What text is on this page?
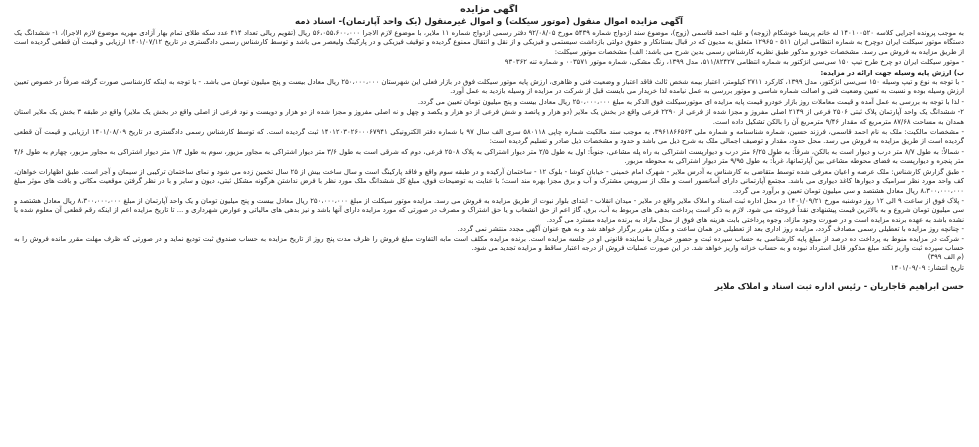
آگهی مزایده

آگهی مزایده اموال منقول (موتور سیکلت) و اموال غیرمنقول (یک واحد آپارتمان)- اسناد ذمه

به موجب پرونده اجرایی کلاسه ۱۴۰۱۰۰۵۲۰ له خانم پریسا خوشکام (زوجه) و علیه احمد قاسمی (زوج)، موضوع سند ازدواج شماره ۵۴۳۹ مورخ ۹۲/۰۸/۰۵ دفتر رسمی ازدواج شماره ۱۱ ملایر، با موضوع لازم الاجرا ۵۶،۰۵۵،۶۰۰،۰۰۰ ریال (تقویم ریالی تعداد ۴۱۴ عدد سکه طلای تمام بهار آزادی مهریه موضوع لازم الاجرا)، ۱- ششدانگ یک دستگاه موتور سیکلت ایران دوچرخ به شماره انتظامی ایران ۵۱۱ - ۱۲۹۶۵ متعلق به مدیون که در قبال بستانکار و حقوق دولتی بازداشت سیستمی و فیزیکی و از نقل و انتقال ممنوع گردیده و توقیف فیزیکی و در پارکینگ ولیعصر می باشد و توسط کارشناس رسمی دادگستری در تاریخ ۱۴۰۱/۰۷/۱۲ ارزیابی و قیمت آن قطعی گردیده است از طریق مزایده به فروش می رسد. مشخصات خودرو مذکور طبق نظریه کارشناس رسمی بدین شرح می باشد: الف) مشخصات موتور سیکلت:

- موتور سیکلت ایران دو چرخ طرح تیپ ۱۵۰ سی‌سی انژکتور به شماره انتظامی ۵۱۱/۸۲۴۲۷، مدل ۱۳۹۹، رنگ مشکی، شماره موتور ۰۰۳۵۷۱ و شماره تنه ۹۳۰۳۶۲

ب) ارزش پایه وسیله جهت ارائه در مزایده:

- با توجه به نوع و تیپ وسیله ۱۵۰ سی‌سی انژکتور، مدل ۱۳۹۹، کارکرد ۲۷۱۱ کیلومتر، اعتبار بیمه شخص ثالث فاقد اعتبار و وضعیت فنی و ظاهری، ارزش پایه موتور سیکلت فوق در بازار فعلی این شهرستان ۲۵۰،۰۰۰،۰۰۰ ریال معادل بیست و پنج میلیون تومان می باشد. - با توجه به اینکه کارشناسی صورت گرفته صرفاً در خصوص تعیین ارزش وسیله بوده و نسبت به تعیین وضعیت فنی و اصالت شماره شاسی و موتور بررسی به عمل نیامده لذا خریدار می بایست قبل از شرکت در مزایده از وسیله بازدید به عمل آورد.

- لذا با توجه به بررسی به عمل آمده و قیمت معاملات روز بازار خودرو قیمت پایه مزایده ای موتورسیکلت فوق الذکر به مبلغ ۲۵۰،۰۰۰،۰۰۰ ریال معادل بیست و پنج میلیون تومان تعیین می گردد.

۲- ششدانگ یک واحد آپارتمان پلاک ثبتی ۲۵۰۶ فرعی از ۲۱۴۹ اصلی مفروز و مجزا شده از فرعی از ۲۲۹۰ فرعی واقع در بخش یک ملایر (دو هزار و پانصد و شش فرعی از دو هزار و یکصد و چهل و نه اصلی مفروز و مجزا شده از دو هزار و دویست و نود فرعی از اصلی واقع در بخش یک ملایر) واقع در طبقه ۳ بخش یک ملایر استان همدان به مساحت ۸۷/۶۸ مترمربع که مقدار ۹/۴۶ مترمربع آن را بالکن تشکیل داده است.

- مشخصات مالکیت: ملک به نام احمد قاسمی، فرزند حسین، شماره شناسنامه و شماره ملی ۳۹۶۱۸۶۶۵۶۳، به موجب سند مالکیت شماره چاپی ۵۸۰۱۱۸ سری الف سال ۹۷ با شماره دفتر الکترونیکی ۱۴۰۱۲۰۳۰۲۶۰۰۰۶۷۹۴۱ ثبت گردیده است. که توسط کارشناس رسمی دادگستری در تاریخ ۱۴۰۱/۰۸/۰۹ ارزیابی و قیمت آن قطعی گردیده است از طریق مزایده به فروش می رسد. محل حدود، مقدار و توصیف اجمالی ملک به شرح ذیل می باشد و حدود و مشخصات ذیل صادر و تسلیم گردیده است:

- شمالاً: به طول ۸/۷ متر درب و دیوار است به بالکن، شرقاً: به طول ۶/۲۵ متر درب و دیوارپست اشتراکی به راه پله مشاعی، جنوباً: اول به طول ۲/۵ متر دیوار اشتراکی به پلاک ۲۵۰۸ فرعی، دوم که شرقی است به طول ۳/۶ متر دیوار اشتراکی به مجاور مزبور، سوم به طول ۱/۴ متر دیوار اشتراکی به مجاور مزبور، چهارم به طول ۴/۶ متر پنجره و دیوارپست به فضای محوطه مشاعی بین آپارتمانها، غرباً: به طول ۹/۹۵ متر دیوار اشتراکی به محوطه مزبور.

- طبق گزارش کارشناس: ملک عرصه و اعیان معرفی شده توسط متقاضی به کارشناس به آدرس ملایر - شهرک امام خمینی - خیابان کوشا - بلوک ۱۲ - ساختمان آرکیده و در طبقه سوم واقع و فاقد پارکینگ است و سال ساخت بیش از ۲۵ سال تخمین زده می شود و نمای ساختمان ترکیبی از سیمان و آجر است. طبق اظهارات خواهان، کف واحد مورد نظر سرامیک و دیوارها کاغذ دیواری می باشد. مجتمع آپارتمانی دارای آسانسور است و ملک از سرویس مشترک و آب و برق مجزا بهره مند است؛ با عنایت به توضیحات فوق، مبلغ کل ششدانگ ملک مورد نظر با فرض نداشتن هرگونه مشکل ثبتی، دیون و سایر و با در نظر گرفتن موقعیت مکانی و بافت های موثر مبلغ ۸،۳۰۰،۰۰۰،۰۰۰ ریال معادل هشتصد و سی میلیون تومان تعیین و برآورد می گردد.

- پلاک فوق از ساعت ۹ الی ۱۲ روز دوشنبه مورخ ۱۴۰۱/۰۹/۲۱ در محل اداره ثبت اسناد و املاک ملایر واقع در ملایر - میدان انقلاب - ابتدای بلوار نبوت از طریق مزایده به فروش می رسد. مزایده موتور سیکلت از مبلغ ۲۵۰،۰۰۰،۰۰۰ ریال معادل بیست و پنج میلیون تومان و یک واحد آپارتمان از مبلغ ۸،۳۰۰،۰۰۰،۰۰۰ ریال معادل هشتصد و سی میلیون تومان شروع و به بالاترین قیمت پیشنهادی نقداً فروخته می شود. لازم به ذکر است پرداخت بدهی های مربوط به آب، برق، گاز اعم از حق انشعاب و یا حق اشتراک و مصرف در صورتی که مورد مزایده دارای آنها باشد و نیز بدهی های مالیاتی و عوارض شهرداری و ... تا تاریخ مزایده اعم از اینکه رقم قطعی آن معلوم شده یا نشده باشد به عهده برنده مزایده است و در صورت وجود مازاد، وجوه پرداختی بابت هزینه های فوق از محل مازاد به برنده مزایده مسترد می گردد.

- چنانچه روز مزایده با تعطیلی رسمی مصادف گردد، مزایده روز اداری بعد از تعطیلی در همان ساعت و مکان مقرر برگزار خواهد شد و به هیچ عنوان آگهی مجدد منتشر نمی گردد.

- شرکت در مزایده منوط به پرداخت ده درصد از مبلغ پایه کارشناسی به حساب سپرده ثبت و حضور خریدار یا نماینده قانونی او در جلسه مزایده است. برنده مزایده مکلف است مابه التفاوت مبلغ فروش را ظرف مدت پنج روز از تاریخ مزایده به حساب صندوق ثبت تودیع نماید و در صورتی که ظرف مهلت مقرر مانده فروش را به حساب سپرده ثبت واریز نکند مبلغ مذکور قابل استرداد نبوده و به حساب خزانه واریز خواهد شد. در این صورت عملیات فروش از درجه اعتبار ساقط و مزایده تجدید می شود.

(م الف ۳۹۹)

تاریخ انتشار: ۱۴۰۱/۰۹/۰۹

حسن ابراهیم قاجاریان - رئیس اداره ثبت اسناد و املاک ملایر
